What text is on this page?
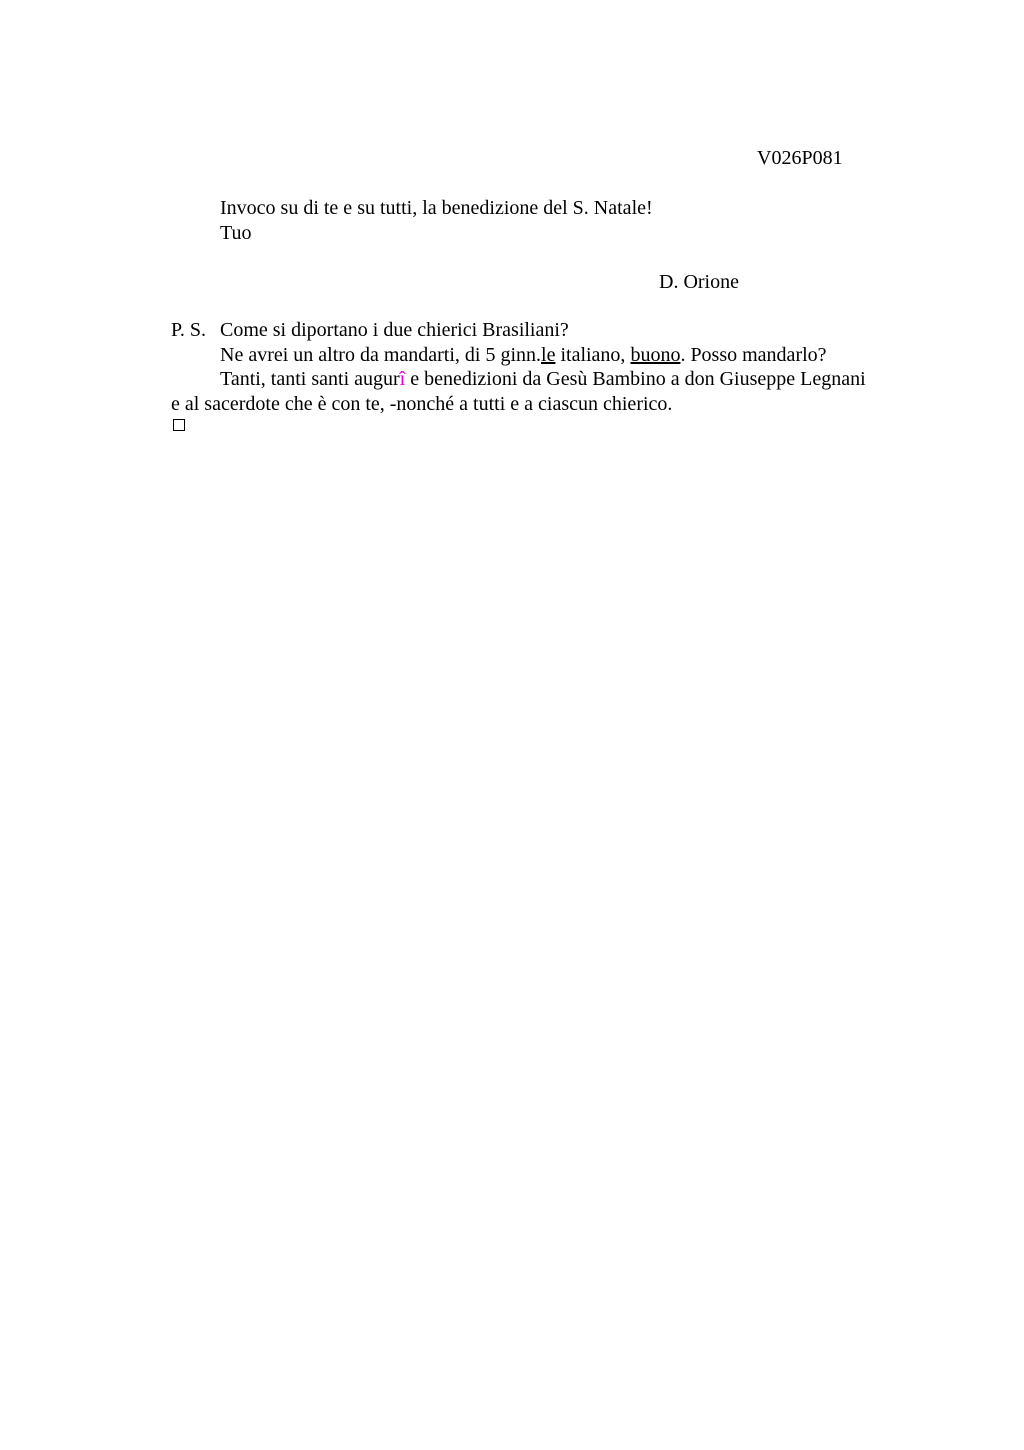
V026P081
Invoco su di te e su tutti, la benedizione del S. Natale!
Tuo
D. Orione
P. S. Come si diportano i due chierici Brasiliani?
Ne avrei un altro da mandarti, di 5 ginn.le italiano, buono. Posso mandarlo?
Tanti, tanti santi augurî e benedizioni da Gesù Bambino a don Giuseppe Legnani
e al sacerdote che è con te, -nonché a tutti e a ciascun chierico.
